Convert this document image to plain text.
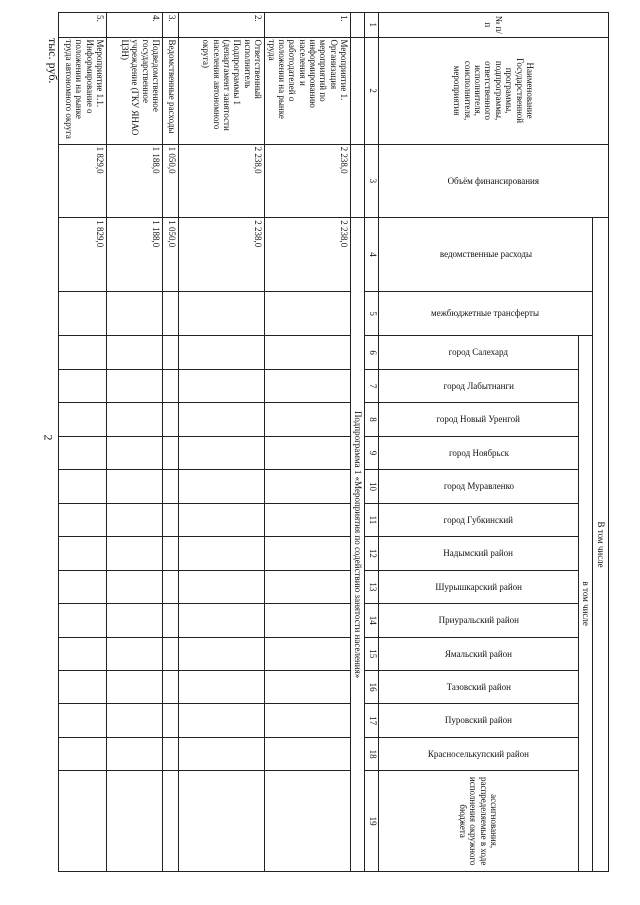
2
тыс. руб.
№ п/п	Наименование Государственной программы, подпрограммы, ответственного исполнителя, соисполнителя, мероприятия	Объём финансирования	В том числе															

			ведомственные расходы	межбюджетные трансферты	в том числе													

					город Салехард	город Лабытнанги	город Новый Уренгой	город Ноябрьск	город Муравленко	город Губкинский	Надымский район	Шурышкарский район	Приуральский район	Ямальский район	Тазовский район	Пуровский район	Красноселькупский район	ассигнования, распределяемые в ходе исполнения окружного бюджета
1	2	3	4	5	6	7	8	9	10	11	12	13	14	15	16	17	18	19
			Подпрограмма 1 «Мероприятия по содействию занятости населения»															
1.	Мероприятие 1. Организация мероприятий по информированию населения и работодателей о положении на рынке труда	2 238,0	2 238,0															
2.	Ответственный исполнитель Подпрограммы 1 (департамент занятости населения автономного округа)	2 238,0	2 238,0															
3.	Ведомственные расходы	1 050,0	1 050,0															
4.	Подведомственное государственное учреждение (ГКУ ЯНАО ЦЗН)	1 188,0	1 188,0															
5.	Мероприятие 1.1. Информирование о положении на рынке труда автономного округа	1 829,0	1 829,0															
